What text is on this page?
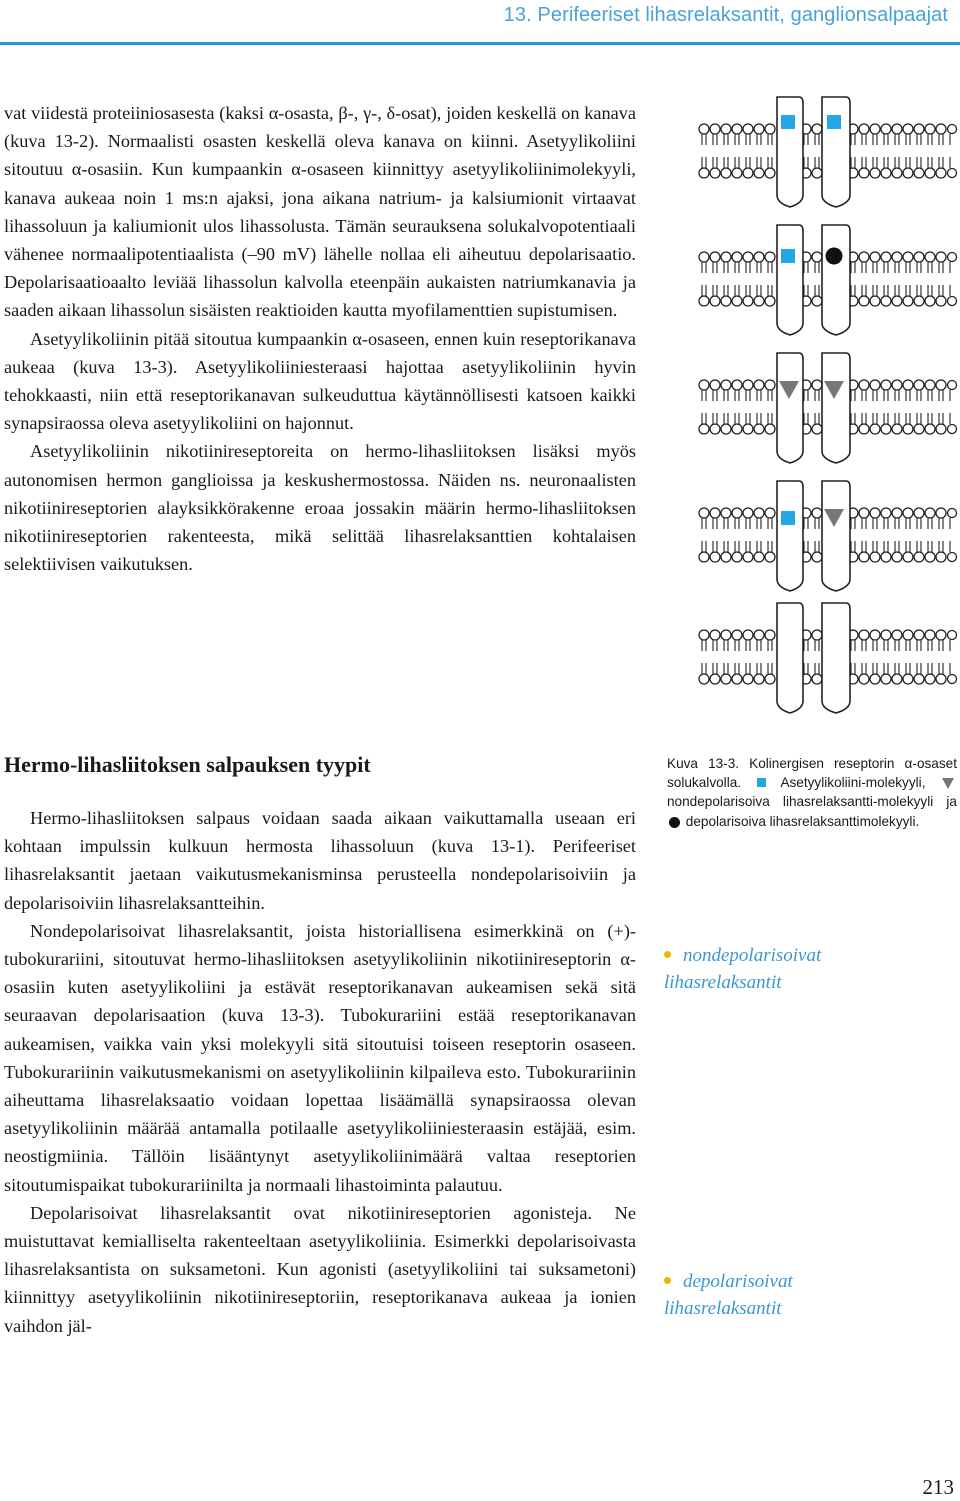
13. Perifeeriset lihasrelaksantit, ganglionsalpaajat

vat viidestä proteiiniosasesta (kaksi α-osasta, β-, γ-, δ-osat), joiden keskellä on kanava (kuva 13-2). Normaalisti osasten keskellä oleva kanava on kiinni. Asetyylikoliini sitoutuu α-osasiin. Kun kumpaankin α-osaseen kiinnittyy asetyylikoliinimolekyyli, kanava aukeaa noin 1 ms:n ajaksi, jona aikana natrium- ja kalsiumionit virtaavat lihassoluun ja kaliumionit ulos lihassolusta. Tämän seurauksena solukalvopotentiaali vähenee normaalipotentiaalista (–90 mV) lähelle nollaa eli aiheutuu depolarisaatio. Depolarisaatioaalto leviää lihassolun kalvolla eteenpäin aukaisten natriumkanavia ja saaden aikaan lihassolun sisäisten reaktioiden kautta myofilamenttien supistumisen.

Asetyylikoliinin pitää sitoutua kumpaankin α-osaseen, ennen kuin reseptorikanava aukeaa (kuva 13-3). Asetyylikoliiniesteraasi hajottaa asetyylikoliinin hyvin tehokkaasti, niin että reseptorikanavan sulkeuduttua käytännöllisesti katsoen kaikki synapsiraossa oleva asetyylikoliini on hajonnut.

Asetyylikoliinin nikotiinireseptoreita on hermo-lihasliitoksen lisäksi myös autonomisen hermon ganglioissa ja keskushermostossa. Näiden ns. neuronaalisten nikotiinireseptorien alayksikkörakenne eroaa jossakin määrin hermo-lihasliitoksen nikotiinireseptorien rakenteesta, mikä selittää lihasrelaksanttien kohtalaisen selektiivisen vaikutuksen.

Hermo-lihasliitoksen salpauksen tyypit	Kuva 13-3. Kolinergisen reseptorin α-osaset solukalvolla.	Asetyylikoliini-molekyyli,  nondepolarisoiva lihasrelaksantti-molekyyli ja  depolarisoiva lihasrelaksanttimolekyyli.

Hermo-lihasliitoksen salpaus voidaan saada aikaan vaikuttamalla useaan eri kohtaan impulssin kulkuun hermosta lihassoluun (kuva 13-1). Perifeeriset lihasrelaksantit jaetaan vaikutusmekanisminsa perusteella nondepolarisoiviin ja depolarisoiviin lihasrelaksantteihin.

Nondepolarisoivat lihasrelaksantit, joista historiallisena esimerkkinä on (+)-tubokurariini, sitoutuvat hermo-lihasliitoksen asetyylikoliinin nikotiinireseptorin α-osasiin kuten asetyylikoliini ja estävät reseptorikanavan aukeamisen sekä sitä seuraavan depolarisaation (kuva 13-3). Tubokurariini estää reseptorikanavan aukeamisen, vaikka vain yksi molekyyli sitä sitoutuisi toiseen reseptorin osaseen. Tubokurariinin vaikutusmekanismi on asetyylikoliinin kilpaileva esto. Tubokurariinin aiheuttama lihasrelaksaatio voidaan lopettaa lisäämällä synapsiraossa olevan asetyylikoliinin määrää antamalla potilaalle asetyylikoliiniesteraasin estäjää, esim. neostigmiinia. Tällöin lisääntynyt asetyylikoliinimäärä valtaa reseptorien sitoutumispaikat tubokurariinilta ja normaali lihastoiminta palautuu.

Depolarisoivat lihasrelaksantit ovat nikotiinireseptorien agonisteja. Ne muistuttavat kemialliselta rakenteeltaan asetyylikoliinia. Esimerkki depolarisoivasta lihasrelaksantista on suksametoni. Kun agonisti (asetyylikoliini tai suksametoni) kiinnittyy asetyylikoliinin nikotiinireseptoriin, reseptorikanava aukeaa ja ionien vaihdon jäl-

nondepolarisoivat
lihasrelaksantit
depolarisoivat
lihasrelaksantit
213
